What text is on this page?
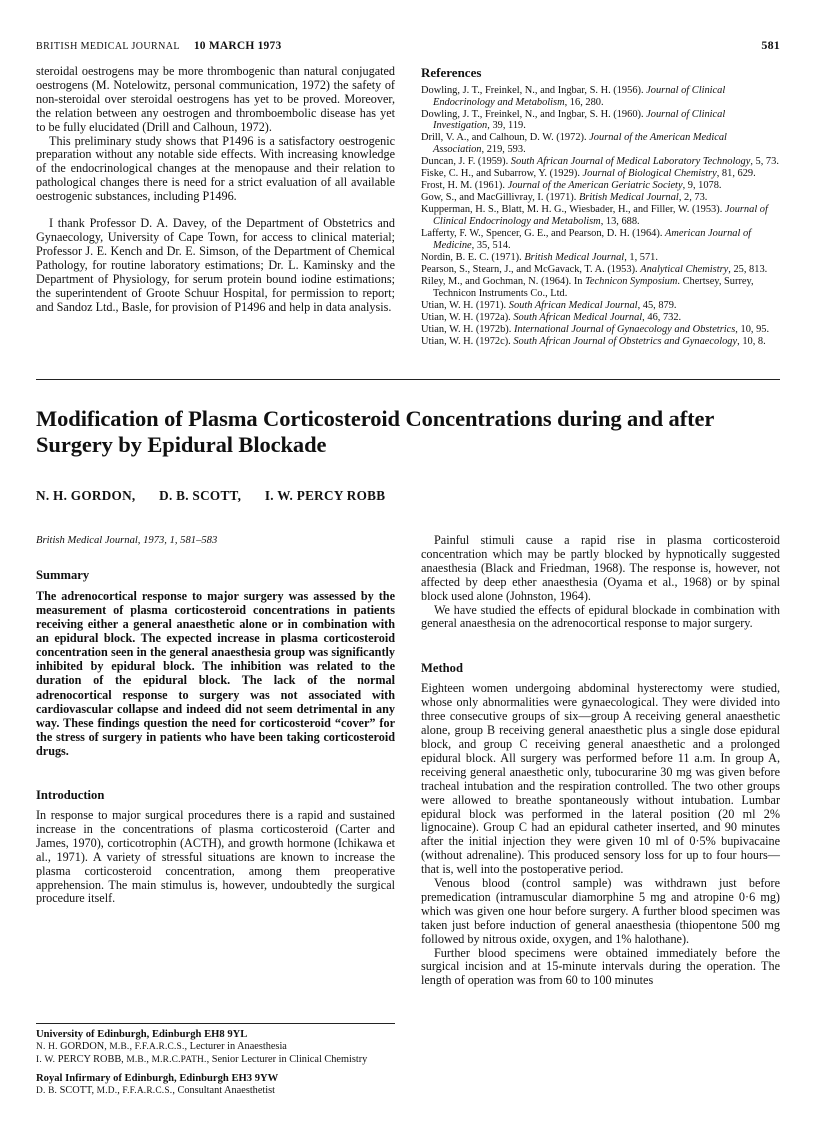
BRITISH MEDICAL JOURNAL 10 MARCH 1973	581

steroidal oestrogens may be more thrombogenic than natural conjugated oestrogens (M. Notelowitz, personal communication, 1972) the safety of non-steroidal over steroidal oestrogens has yet to be proved. Moreover, the relation between any oestrogen and thromboembolic disease has yet to be fully elucidated (Drill and Calhoun, 1972).

This preliminary study shows that P1496 is a satisfactory oestrogenic preparation without any notable side effects. With increasing knowledge of the endocrinological changes at the menopause and their relation to pathological changes there is need for a strict evaluation of all available oestrogenic substances, including P1496.

I thank Professor D. A. Davey, of the Department of Obstetrics and Gynaecology, University of Cape Town, for access to clinical material; Professor J. E. Kench and Dr. E. Simson, of the Department of Chemical Pathology, for routine laboratory estimations; Dr. L. Kaminsky and the Department of Physiology, for serum protein bound iodine estimations; the superintendent of Groote Schuur Hospital, for permission to report; and Sandoz Ltd., Basle, for provision of P1496 and help in data analysis.

References

Dowling, J. T., Freinkel, N., and Ingbar, S. H. (1956). Journal of Clinical Endocrinology and Metabolism, 16, 280.

Dowling, J. T., Freinkel, N., and Ingbar, S. H. (1960). Journal of Clinical Investigation, 39, 119.

Drill, V. A., and Calhoun, D. W. (1972). Journal of the American Medical Association, 219, 593.

Duncan, J. F. (1959). South African Journal of Medical Laboratory Technology, 5, 73.

Fiske, C. H., and Subarrow, Y. (1929). Journal of Biological Chemistry, 81, 629.

Frost, H. M. (1961). Journal of the American Geriatric Society, 9, 1078.

Gow, S., and MacGillivray, I. (1971). British Medical Journal, 2, 73.

Kupperman, H. S., Blatt, M. H. G., Wiesbader, H., and Filler, W. (1953). Journal of Clinical Endocrinology and Metabolism, 13, 688.

Lafferty, F. W., Spencer, G. E., and Pearson, D. H. (1964). American Journal of Medicine, 35, 514.

Nordin, B. E. C. (1971). British Medical Journal, 1, 571.

Pearson, S., Stearn, J., and McGavack, T. A. (1953). Analytical Chemistry, 25, 813.

Riley, M., and Gochman, N. (1964). In Technicon Symposium. Chertsey, Surrey, Technicon Instruments Co., Ltd.

Utian, W. H. (1971). South African Medical Journal, 45, 879.

Utian, W. H. (1972a). South African Medical Journal, 46, 732.

Utian, W. H. (1972b). International Journal of Gynaecology and Obstetrics, 10, 95.

Utian, W. H. (1972c). South African Journal of Obstetrics and Gynaecology, 10, 8.

Modification of Plasma Corticosteroid Concentrations during and after Surgery by Epidural Blockade
N. H. GORDON, D. B. SCOTT, I. W. PERCY ROBB

British Medical Journal, 1973, 1, 581–583

Summary

The adrenocortical response to major surgery was assessed by the measurement of plasma corticosteroid concentrations in patients receiving either a general anaesthetic alone or in combination with an epidural block. The expected increase in plasma corticosteroid concentration seen in the general anaesthesia group was significantly inhibited by epidural block. The inhibition was related to the duration of the epidural block. The lack of the normal adrenocortical response to surgery was not associated with cardiovascular collapse and indeed did not seem detrimental in any way. These findings question the need for corticosteroid “cover” for the stress of surgery in patients who have been taking corticosteroid drugs.

Introduction

In response to major surgical procedures there is a rapid and sustained increase in the concentrations of plasma corticosteroid (Carter and James, 1970), corticotrophin (ACTH), and growth hormone (Ichikawa et al., 1971). A variety of stressful situations are known to increase the plasma corticosteroid concentration, among them preoperative apprehension. The main stimulus is, however, undoubtedly the surgical procedure itself.

Painful stimuli cause a rapid rise in plasma corticosteroid concentration which may be partly blocked by hypnotically suggested anaesthesia (Black and Friedman, 1968). The response is, however, not affected by deep ether anaesthesia (Oyama et al., 1968) or by spinal block used alone (Johnston, 1964).

We have studied the effects of epidural blockade in combination with general anaesthesia on the adrenocortical response to major surgery.

Method

Eighteen women undergoing abdominal hysterectomy were studied, whose only abnormalities were gynaecological. They were divided into three consecutive groups of six—group A receiving general anaesthetic alone, group B receiving general anaesthetic plus a single dose epidural block, and group C receiving general anaesthetic and a prolonged epidural block. All surgery was performed before 11 a.m. In group A, receiving general anaesthetic only, tubocurarine 30 mg was given before tracheal intubation and the respiration controlled. The two other groups were allowed to breathe spontaneously without intubation. Lumbar epidural block was performed in the lateral position (20 ml 2% lignocaine). Group C had an epidural catheter inserted, and 90 minutes after the initial injection they were given 10 ml of 0·5% bupivacaine (without adrenaline). This produced sensory loss for up to four hours—that is, well into the postoperative period.

Venous blood (control sample) was withdrawn just before premedication (intramuscular diamorphine 5 mg and atropine 0·6 mg) which was given one hour before surgery. A further blood specimen was taken just before induction of general anaesthesia (thiopentone 500 mg followed by nitrous oxide, oxygen, and 1% halothane).

Further blood specimens were obtained immediately before the surgical incision and at 15-minute intervals during the operation. The length of operation was from 60 to 100 minutes

University of Edinburgh, Edinburgh EH8 9YL
N. H. GORDON, M.B., F.F.A.R.C.S., Lecturer in Anaesthesia
I. W. PERCY ROBB, M.B., M.R.C.PATH., Senior Lecturer in Clinical Chemistry
Royal Infirmary of Edinburgh, Edinburgh EH3 9YW
D. B. SCOTT, M.D., F.F.A.R.C.S., Consultant Anaesthetist
